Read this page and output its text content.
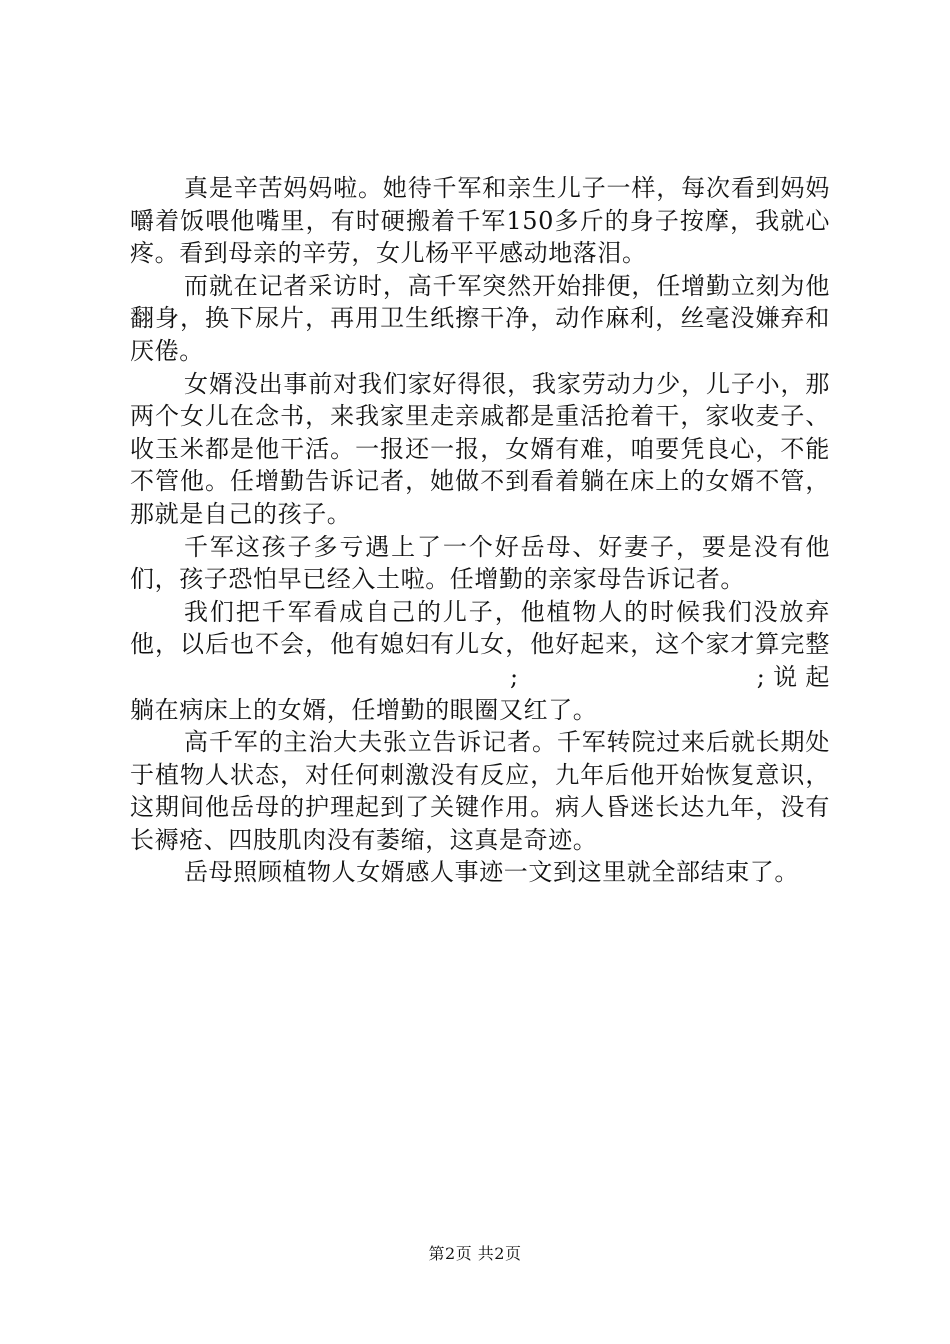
真是辛苦妈妈啦。她待千军和亲生儿子一样，每次看到妈妈嚼着饭喂他嘴里，有时硬搬着千军150多斤的身子按摩，我就心疼。看到母亲的辛劳，女儿杨平平感动地落泪。

而就在记者采访时，高千军突然开始排便，任增勤立刻为他翻身，换下尿片，再用卫生纸擦干净，动作麻利，丝毫没嫌弃和厌倦。

女婿没出事前对我们家好得很，我家劳动力少，儿子小，那两个女儿在念书，来我家里走亲戚都是重活抢着干，家收麦子、收玉米都是他干活。一报还一报，女婿有难，咱要凭良心，不能不管他。任增勤告诉记者，她做不到看着躺在床上的女婿不管，那就是自己的孩子。

千军这孩子多亏遇上了一个好岳母、好妻子，要是没有他们，孩子恐怕早已经入土啦。任增勤的亲家母告诉记者。

我们把千军看成自己的儿子，他植物人的时候我们没放弃他，以后也不会，他有媳妇有儿女，他好起来，这个家才算完整;	;说起躺在病床上的女婿，任增勤的眼圈又红了。

高千军的主治大夫张立告诉记者。千军转院过来后就长期处于植物人状态，对任何刺激没有反应，九年后他开始恢复意识，这期间他岳母的护理起到了关键作用。病人昏迷长达九年，没有长褥疮、四肢肌肉没有萎缩，这真是奇迹。

岳母照顾植物人女婿感人事迹一文到这里就全部结束了。

第2页 共2页
